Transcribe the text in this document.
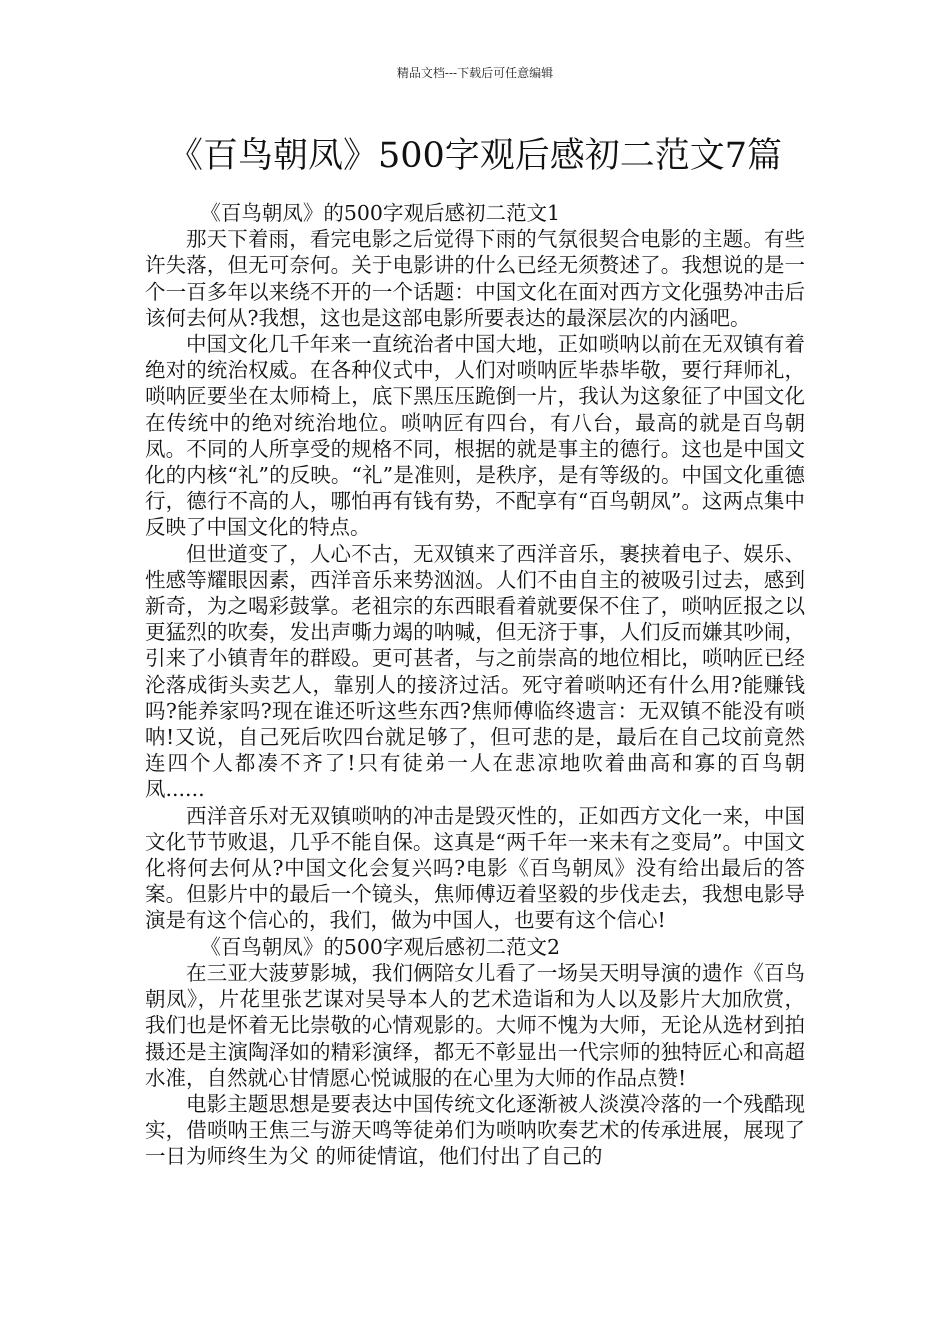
精品文档---下载后可任意编辑
《百鸟朝凤》500字观后感初二范文7篇

《百鸟朝凤》的500字观后感初二范文1

那天下着雨，看完电影之后觉得下雨的气氛很契合电影的主题。有些许失落，但无可奈何。关于电影讲的什么已经无须赘述了。我想说的是一个一百多年以来绕不开的一个话题：中国文化在面对西方文化强势冲击后该何去何从?我想，这也是这部电影所要表达的最深层次的内涵吧。

中国文化几千年来一直统治者中国大地，正如唢呐以前在无双镇有着绝对的统治权威。在各种仪式中，人们对唢呐匠毕恭毕敬，要行拜师礼，唢呐匠要坐在太师椅上，底下黑压压跪倒一片，我认为这象征了中国文化在传统中的绝对统治地位。唢呐匠有四台，有八台，最高的就是百鸟朝凤。不同的人所享受的规格不同，根据的就是事主的德行。这也是中国文化的内核“礼”的反映。“礼”是准则，是秩序，是有等级的。中国文化重德行，德行不高的人，哪怕再有钱有势，不配享有“百鸟朝凤”。这两点集中反映了中国文化的特点。

但世道变了，人心不古，无双镇来了西洋音乐，裹挟着电子、娱乐、性感等耀眼因素，西洋音乐来势汹汹。人们不由自主的被吸引过去，感到新奇，为之喝彩鼓掌。老祖宗的东西眼看着就要保不住了，唢呐匠报之以更猛烈的吹奏，发出声嘶力竭的呐喊，但无济于事，人们反而嫌其吵闹，引来了小镇青年的群殴。更可甚者，与之前崇高的地位相比，唢呐匠已经沦落成街头卖艺人，靠别人的接济过活。死守着唢呐还有什么用?能赚钱吗?能养家吗?现在谁还听这些东西?焦师傅临终遗言：无双镇不能没有唢呐!又说，自己死后吹四台就足够了，但可悲的是，最后在自己坟前竟然连四个人都凑不齐了!只有徒弟一人在悲凉地吹着曲高和寡的百鸟朝凤......

西洋音乐对无双镇唢呐的冲击是毁灭性的，正如西方文化一来，中国文化节节败退，几乎不能自保。这真是“两千年一来未有之变局”。中国文化将何去何从?中国文化会复兴吗?电影《百鸟朝凤》没有给出最后的答案。但影片中的最后一个镜头，焦师傅迈着坚毅的步伐走去，我想电影导演是有这个信心的，我们，做为中国人，也要有这个信心!

《百鸟朝凤》的500字观后感初二范文2

在三亚大菠萝影城，我们俩陪女儿看了一场吴天明导演的遗作《百鸟朝凤》，片花里张艺谋对吴导本人的艺术造诣和为人以及影片大加欣赏，我们也是怀着无比崇敬的心情观影的。大师不愧为大师，无论从选材到拍摄还是主演陶泽如的精彩演绎，都无不彰显出一代宗师的独特匠心和高超水准，自然就心甘情愿心悦诚服的在心里为大师的作品点赞!

电影主题思想是要表达中国传统文化逐渐被人淡漠冷落的一个残酷现实，借唢呐王焦三与游天鸣等徒弟们为唢呐吹奏艺术的传承进展，展现了 一日为师终生为父 的师徒情谊，他们付出了自己的
